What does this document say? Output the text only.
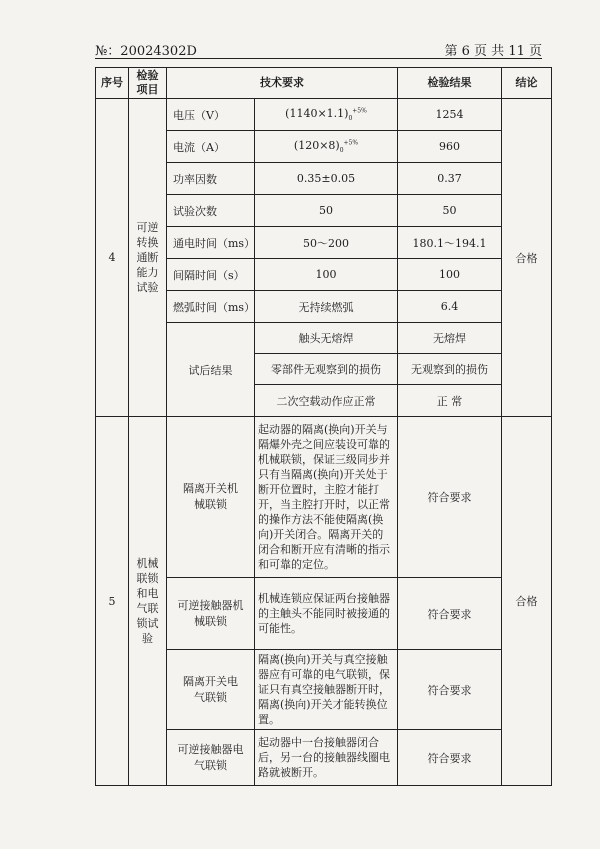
№：20024302D	第 6 页 共 11 页
序号	检验项目	技术要求		检验结果	结论
4	可逆转换通断能力试验	电压（V）	$(1140\times 1.1)_0^{+5\%}$	1254	合格
		电流（A）	$(120\times 8)_0^{+5\%}$	960	
		功率因数	0.35±0.05	0.37	
		试验次数	50	50	
		通电时间（ms）	50～200	180.1～194.1	
		间隔时间（s）	100	100	
		燃弧时间（ms）	无持续燃弧	6.4	
		试后结果	触头无熔焊	无熔焊	
			零部件无观察到的损伤	无观察到的损伤	
			二次空载动作应正常	正 常	
5	机械联锁和电气联锁试验	隔离开关机械联锁	起动器的隔离(换向)开关与隔爆外壳之间应装设可靠的机械联锁，保证三级同步并只有当隔离(换向)开关处于断开位置时，主腔才能打开，当主腔打开时，以正常的操作方法不能使隔离(换向)开关闭合。隔离开关的闭合和断开应有清晰的指示和可靠的定位。	符合要求	合格
		可逆接触器机械联锁	机械连锁应保证两台接触器的主触头不能同时被接通的可能性。	符合要求	
		隔离开关电气联锁	隔离(换向)开关与真空接触器应有可靠的电气联锁，保证只有真空接触器断开时，隔离(换向)开关才能转换位置。	符合要求	
		可逆接触器电气联锁	起动器中一台接触器闭合后，另一台的接触器线圈电路就被断开。	符合要求	
